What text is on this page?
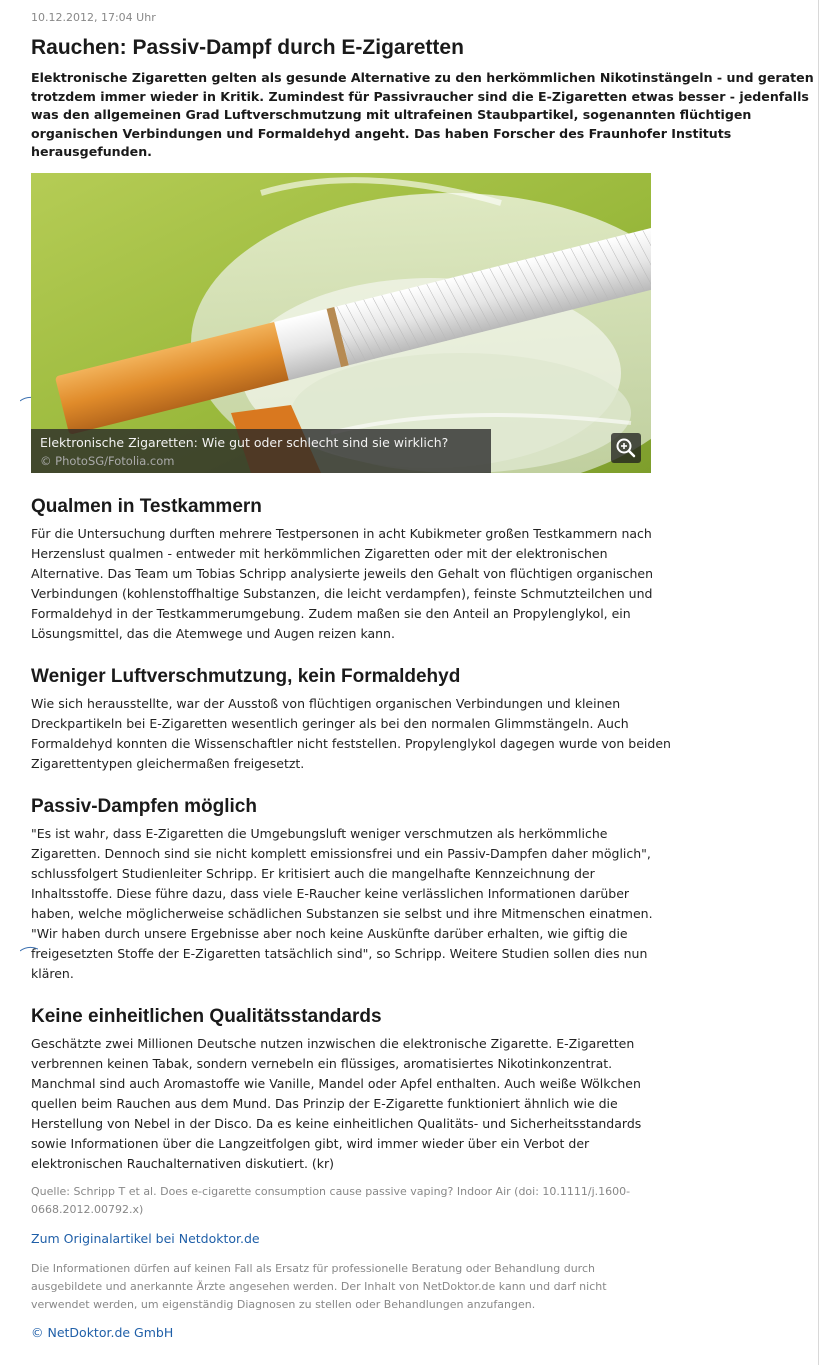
10.12.2012, 17:04 Uhr
Rauchen: Passiv-Dampf durch E-Zigaretten

Elektronische Zigaretten gelten als gesunde Alternative zu den herkömmlichen Nikotinstängeln - und geraten trotzdem immer wieder in Kritik. Zumindest für Passivraucher sind die E-Zigaretten etwas besser - jedenfalls was den allgemeinen Grad Luftverschmutzung mit ultrafeinen Staubpartikel, sogenannten flüchtigen organischen Verbindungen und Formaldehyd angeht. Das haben Forscher des Fraunhofer Instituts herausgefunden.

Elektronische Zigaretten: Wie gut oder schlecht sind sie wirklich?
© PhotoSG/Fotolia.com
Qualmen in Testkammern

Für die Untersuchung durften mehrere Testpersonen in acht Kubikmeter großen Testkammern nach Herzenslust qualmen - entweder mit herkömmlichen Zigaretten oder mit der elektronischen Alternative. Das Team um Tobias Schripp analysierte jeweils den Gehalt von flüchtigen organischen Verbindungen (kohlenstoffhaltige Substanzen, die leicht verdampfen), feinste Schmutzteilchen und Formaldehyd in der Testkammerumgebung. Zudem maßen sie den Anteil an Propylenglykol, ein Lösungsmittel, das die Atemwege und Augen reizen kann.

Weniger Luftverschmutzung, kein Formaldehyd

Wie sich herausstellte, war der Ausstoß von flüchtigen organischen Verbindungen und kleinen Dreckpartikeln bei E-Zigaretten wesentlich geringer als bei den normalen Glimmstängeln. Auch Formaldehyd konnten die Wissenschaftler nicht feststellen. Propylenglykol dagegen wurde von beiden Zigarettentypen gleichermaßen freigesetzt.

Passiv-Dampfen möglich

"Es ist wahr, dass E-Zigaretten die Umgebungsluft weniger verschmutzen als herkömmliche Zigaretten. Dennoch sind sie nicht komplett emissionsfrei und ein Passiv-Dampfen daher möglich", schlussfolgert Studienleiter Schripp. Er kritisiert auch die mangelhafte Kennzeichnung der Inhaltsstoffe. Diese führe dazu, dass viele E-Raucher keine verlässlichen Informationen darüber haben, welche möglicherweise schädlichen Substanzen sie selbst und ihre Mitmenschen einatmen. "Wir haben durch unsere Ergebnisse aber noch keine Auskünfte darüber erhalten, wie giftig die freigesetzten Stoffe der E-Zigaretten tatsächlich sind", so Schripp. Weitere Studien sollen dies nun klären.

Keine einheitlichen Qualitätsstandards

Geschätzte zwei Millionen Deutsche nutzen inzwischen die elektronische Zigarette. E-Zigaretten verbrennen keinen Tabak, sondern vernebeln ein flüssiges, aromatisiertes Nikotinkonzentrat. Manchmal sind auch Aromastoffe wie Vanille, Mandel oder Apfel enthalten. Auch weiße Wölkchen quellen beim Rauchen aus dem Mund. Das Prinzip der E-Zigarette funktioniert ähnlich wie die Herstellung von Nebel in der Disco. Da es keine einheitlichen Qualitäts- und Sicherheitsstandards sowie Informationen über die Langzeitfolgen gibt, wird immer wieder über ein Verbot der elektronischen Rauchalternativen diskutiert. (kr)

Quelle: Schripp T et al. Does e-cigarette consumption cause passive vaping? Indoor Air (doi: 10.1111/j.1600-0668.2012.00792.x)

Zum Originalartikel bei Netdoktor.de

Die Informationen dürfen auf keinen Fall als Ersatz für professionelle Beratung oder Behandlung durch ausgebildete und anerkannte Ärzte angesehen werden. Der Inhalt von NetDoktor.de kann und darf nicht verwendet werden, um eigenständig Diagnosen zu stellen oder Behandlungen anzufangen.

© NetDoktor.de GmbH
